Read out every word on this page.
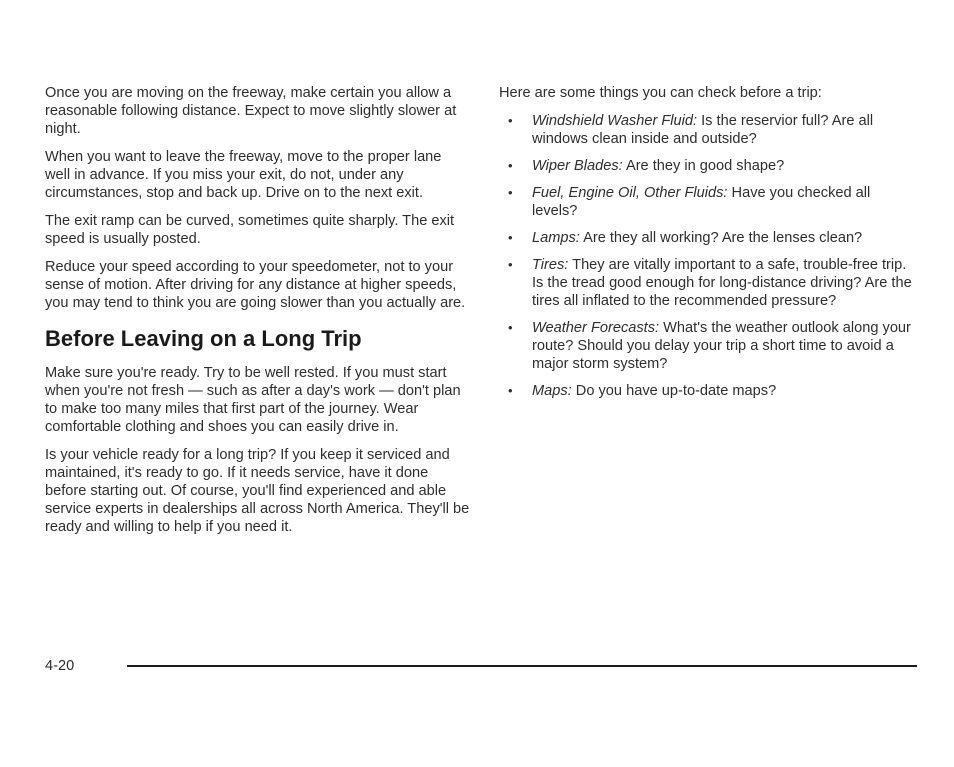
Once you are moving on the freeway, make certain you allow a reasonable following distance. Expect to move slightly slower at night.

When you want to leave the freeway, move to the proper lane well in advance. If you miss your exit, do not, under any circumstances, stop and back up. Drive on to the next exit.

The exit ramp can be curved, sometimes quite sharply. The exit speed is usually posted.

Reduce your speed according to your speedometer, not to your sense of motion. After driving for any distance at higher speeds, you may tend to think you are going slower than you actually are.

Before Leaving on a Long Trip

Make sure you're ready. Try to be well rested. If you must start when you're not fresh — such as after a day's work — don't plan to make too many miles that first part of the journey. Wear comfortable clothing and shoes you can easily drive in.

Is your vehicle ready for a long trip? If you keep it serviced and maintained, it's ready to go. If it needs service, have it done before starting out. Of course, you'll find experienced and able service experts in dealerships all across North America. They'll be ready and willing to help if you need it.

Here are some things you can check before a trip:

• Windshield Washer Fluid: Is the reservior full? Are all windows clean inside and outside?
• Wiper Blades: Are they in good shape?
• Fuel, Engine Oil, Other Fluids: Have you checked all levels?
• Lamps: Are they all working? Are the lenses clean?
• Tires: They are vitally important to a safe, trouble-free trip. Is the tread good enough for long-distance driving? Are the tires all inflated to the recommended pressure?
• Weather Forecasts: What's the weather outlook along your route? Should you delay your trip a short time to avoid a major storm system?
• Maps: Do you have up-to-date maps?
4-20
